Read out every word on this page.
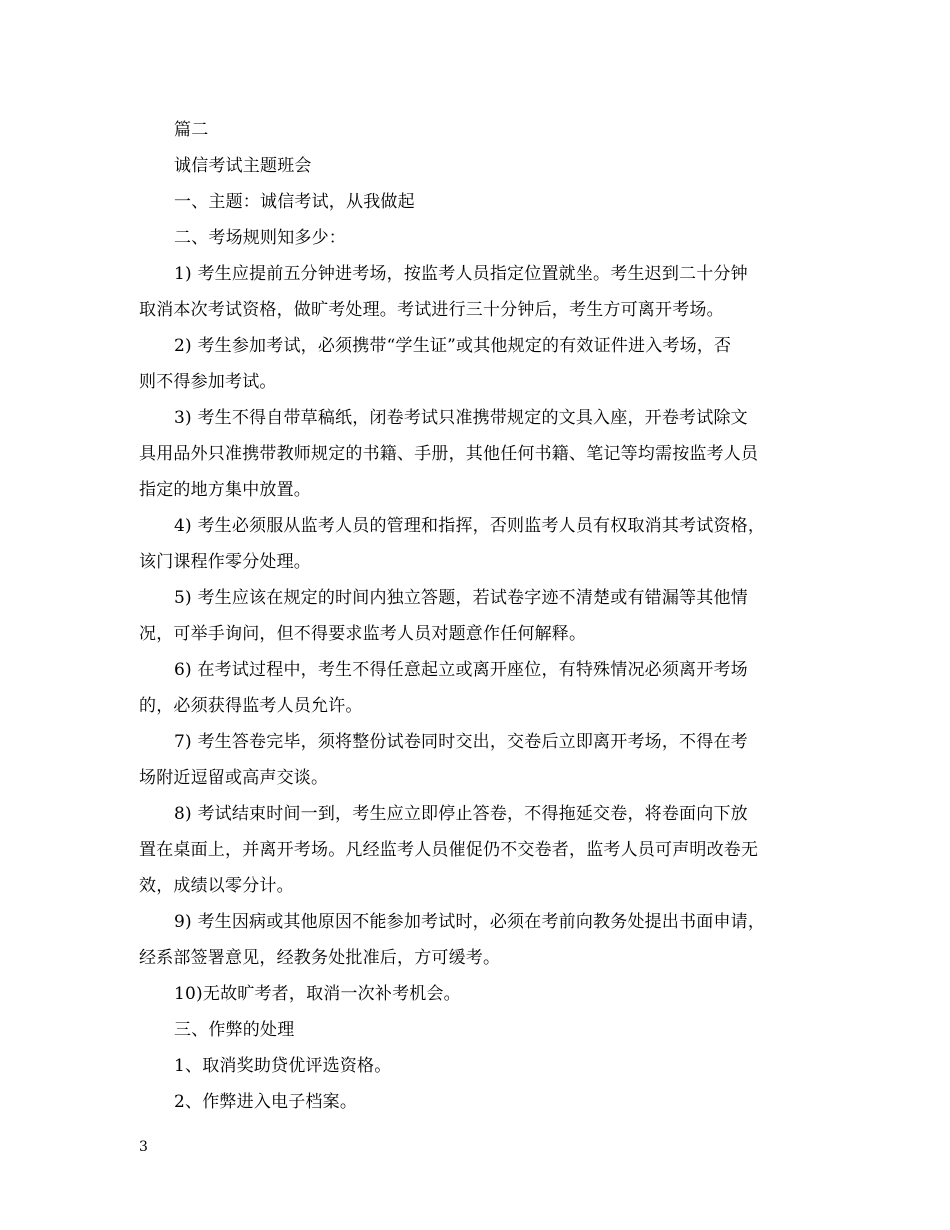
篇二
诚信考试主题班会
一、主题：诚信考试，从我做起
二、考场规则知多少：
1) 考生应提前五分钟进考场，按监考人员指定位置就坐。考生迟到二十分钟
取消本次考试资格，做旷考处理。考试进行三十分钟后，考生方可离开考场。
2) 考生参加考试，必须携带“学生证”或其他规定的有效证件进入考场，否
则不得参加考试。
3) 考生不得自带草稿纸，闭卷考试只准携带规定的文具入座，开卷考试除文
具用品外只准携带教师规定的书籍、手册，其他任何书籍、笔记等均需按监考人员
指定的地方集中放置。
4) 考生必须服从监考人员的管理和指挥，否则监考人员有权取消其考试资格，
该门课程作零分处理。
5) 考生应该在规定的时间内独立答题，若试卷字迹不清楚或有错漏等其他情
况，可举手询问，但不得要求监考人员对题意作任何解释。
6) 在考试过程中，考生不得任意起立或离开座位，有特殊情况必须离开考场
的，必须获得监考人员允许。
7) 考生答卷完毕，须将整份试卷同时交出，交卷后立即离开考场，不得在考
场附近逗留或高声交谈。
8) 考试结束时间一到，考生应立即停止答卷，不得拖延交卷，将卷面向下放
置在桌面上，并离开考场。凡经监考人员催促仍不交卷者，监考人员可声明改卷无
效，成绩以零分计。
9) 考生因病或其他原因不能参加考试时，必须在考前向教务处提出书面申请，
经系部签署意见，经教务处批准后，方可缓考。
10)无故旷考者，取消一次补考机会。
三、作弊的处理
1、取消奖助贷优评选资格。
2、作弊进入电子档案。
3
